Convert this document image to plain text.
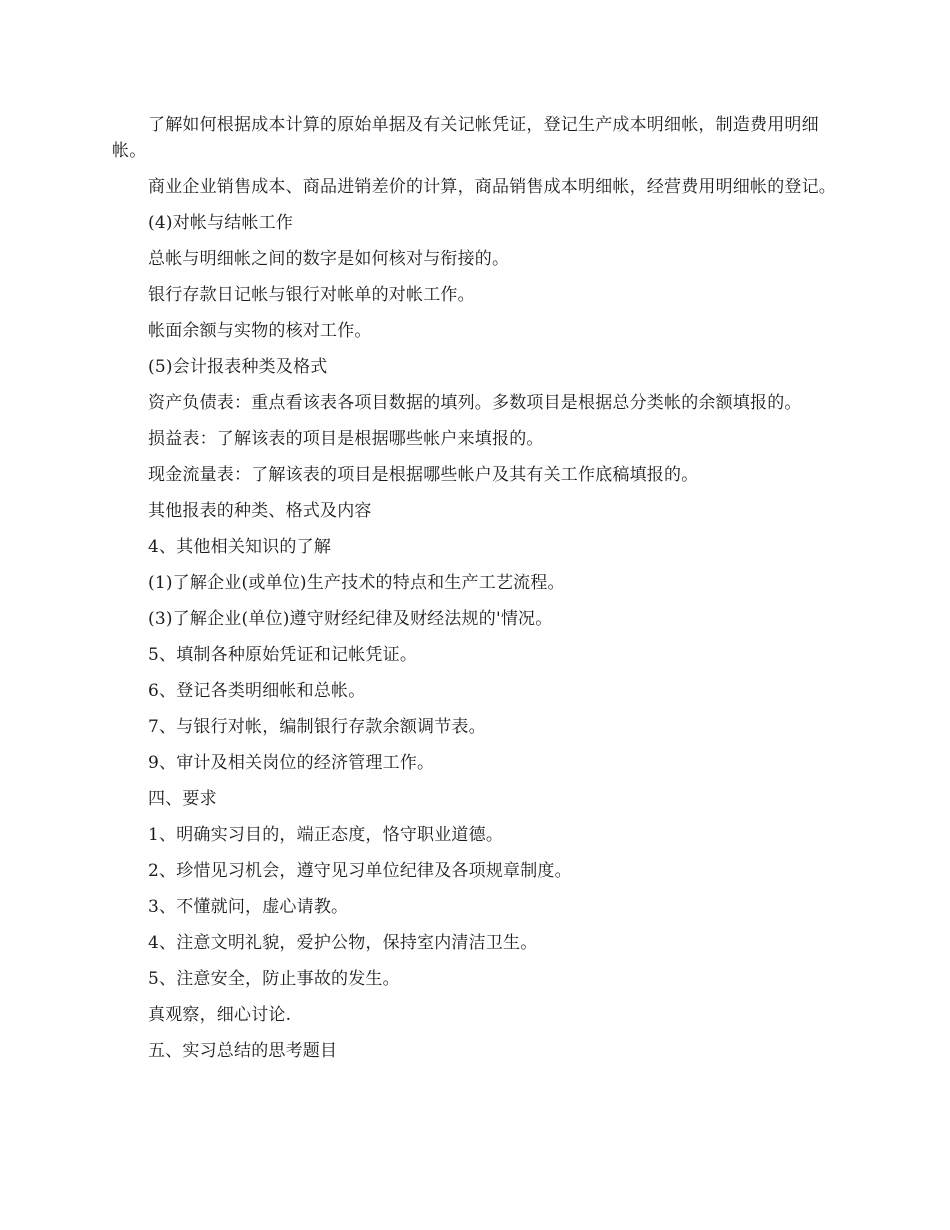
了解如何根据成本计算的原始单据及有关记帐凭证，登记生产成本明细帐，制造费用明细帐。

商业企业销售成本、商品进销差价的计算，商品销售成本明细帐，经营费用明细帐的登记。

(4)对帐与结帐工作

总帐与明细帐之间的数字是如何核对与衔接的。

银行存款日记帐与银行对帐单的对帐工作。

帐面余额与实物的核对工作。

(5)会计报表种类及格式

资产负债表：重点看该表各项目数据的填列。多数项目是根据总分类帐的余额填报的。

损益表：了解该表的项目是根据哪些帐户来填报的。

现金流量表：了解该表的项目是根据哪些帐户及其有关工作底稿填报的。

其他报表的种类、格式及内容

4、其他相关知识的了解

(1)了解企业(或单位)生产技术的特点和生产工艺流程。

(3)了解企业(单位)遵守财经纪律及财经法规的'情况。

5、填制各种原始凭证和记帐凭证。

6、登记各类明细帐和总帐。

7、与银行对帐，编制银行存款余额调节表。

9、审计及相关岗位的经济管理工作。

四、要求

1、明确实习目的，端正态度，恪守职业道德。

2、珍惜见习机会，遵守见习单位纪律及各项规章制度。

3、不懂就问，虚心请教。

4、注意文明礼貌，爱护公物，保持室内清洁卫生。

5、注意安全，防止事故的发生。

真观察，细心讨论.

五、实习总结的思考题目
